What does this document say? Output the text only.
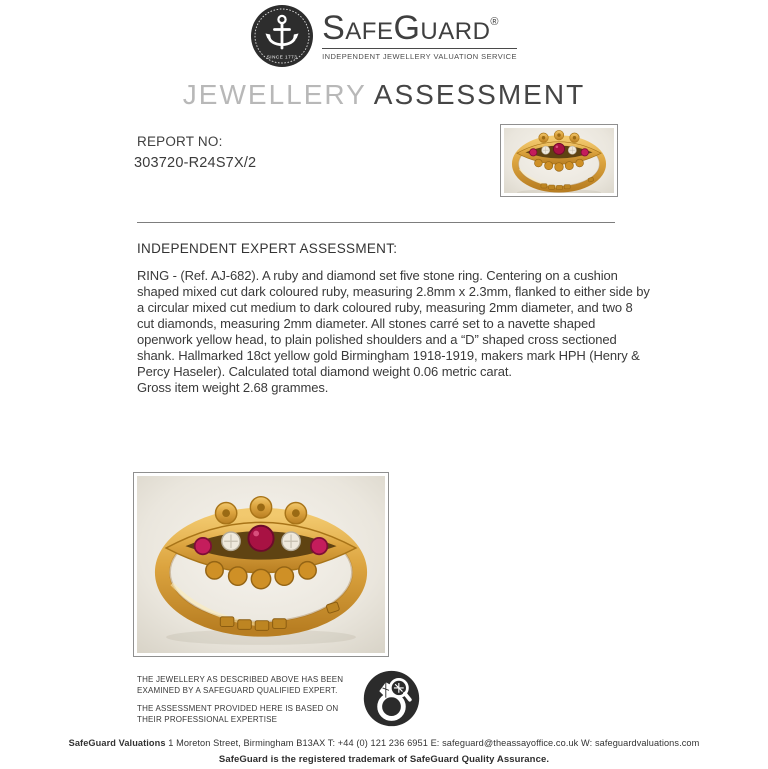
SINCE 1773
SafeGuard®
INDEPENDENT JEWELLERY VALUATION SERVICE
JEWELLERY ASSESSMENT
REPORT NO:
303720-R24S7X/2
INDEPENDENT EXPERT ASSESSMENT:
RING - (Ref. AJ-682). A ruby and diamond set five stone ring. Centering on a cushion shaped mixed cut dark coloured ruby, measuring 2.8mm x 2.3mm, flanked to either side by a circular mixed cut medium to dark coloured ruby, measuring 2mm diameter, and two 8 cut diamonds, measuring 2mm diameter. All stones carré set to a navette shaped openwork yellow head, to plain polished shoulders and a “D” shaped cross sectioned shank. Hallmarked 18ct yellow gold Birmingham 1918-1919, makers mark HPH (Henry & Percy Haseler). Calculated total diamond weight 0.06 metric carat.
Gross item weight 2.68 grammes.

THE JEWELLERY AS DESCRIBED ABOVE HAS BEEN EXAMINED BY A SAFEGUARD QUALIFIED EXPERT.

THE ASSESSMENT PROVIDED HERE IS BASED ON THEIR PROFESSIONAL EXPERTISE

SafeGuard Valuations 1 Moreton Street, Birmingham B13AX T: +44 (0) 121 236 6951 E: safeguard@theassayoffice.co.uk W: safeguardvaluations.com
SafeGuard is the registered trademark of SafeGuard Quality Assurance.
